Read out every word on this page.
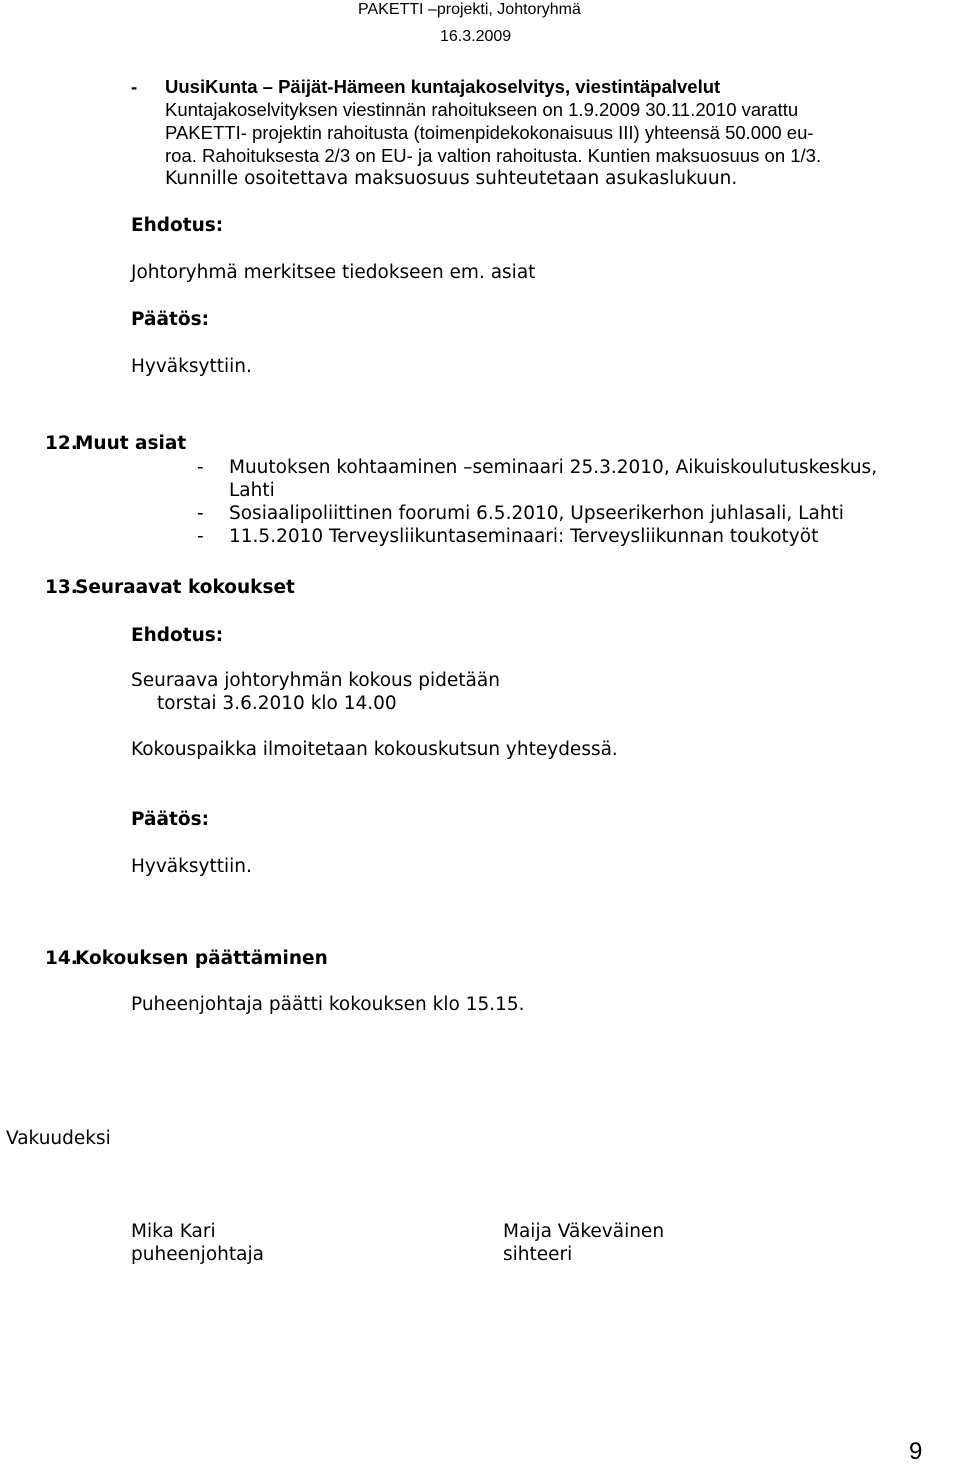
PAKETTI –projekti, Johtoryhmä
16.3.2009
- UusiKunta – Päijät-Hämeen kuntajakoselvitys, viestintäpalvelut
Kuntajakoselvityksen viestinnän rahoitukseen on 1.9.2009 30.11.2010 varattu
PAKETTI- projektin rahoitusta (toimenpidekokonaisuus III) yhteensä 50.000 eu-
roa. Rahoituksesta 2/3 on EU- ja valtion rahoitusta. Kuntien maksuosuus on 1/3.
Kunnille osoitettava maksuosuus suhteutetaan asukaslukuun.
Ehdotus:
Johtoryhmä merkitsee tiedokseen em. asiat
Päätös:
Hyväksyttiin.
12.
Muut asiat
- Muutoksen kohtaaminen –seminaari 25.3.2010, Aikuiskoulutuskeskus,
Lahti
- Sosiaalipoliittinen foorumi 6.5.2010, Upseerikerhon juhlasali, Lahti
- 11.5.2010 Terveysliikuntaseminaari: Terveysliikunnan toukotyöt
13.
Seuraavat kokoukset
Ehdotus:
Seuraava johtoryhmän kokous pidetään
torstai 3.6.2010 klo 14.00
Kokouspaikka ilmoitetaan kokouskutsun yhteydessä.
Päätös:
Hyväksyttiin.
14.
Kokouksen päättäminen
Puheenjohtaja päätti kokouksen klo 15.15.
Vakuudeksi
Mika Kari
puheenjohtaja
Maija Väkeväinen
sihteeri
9
